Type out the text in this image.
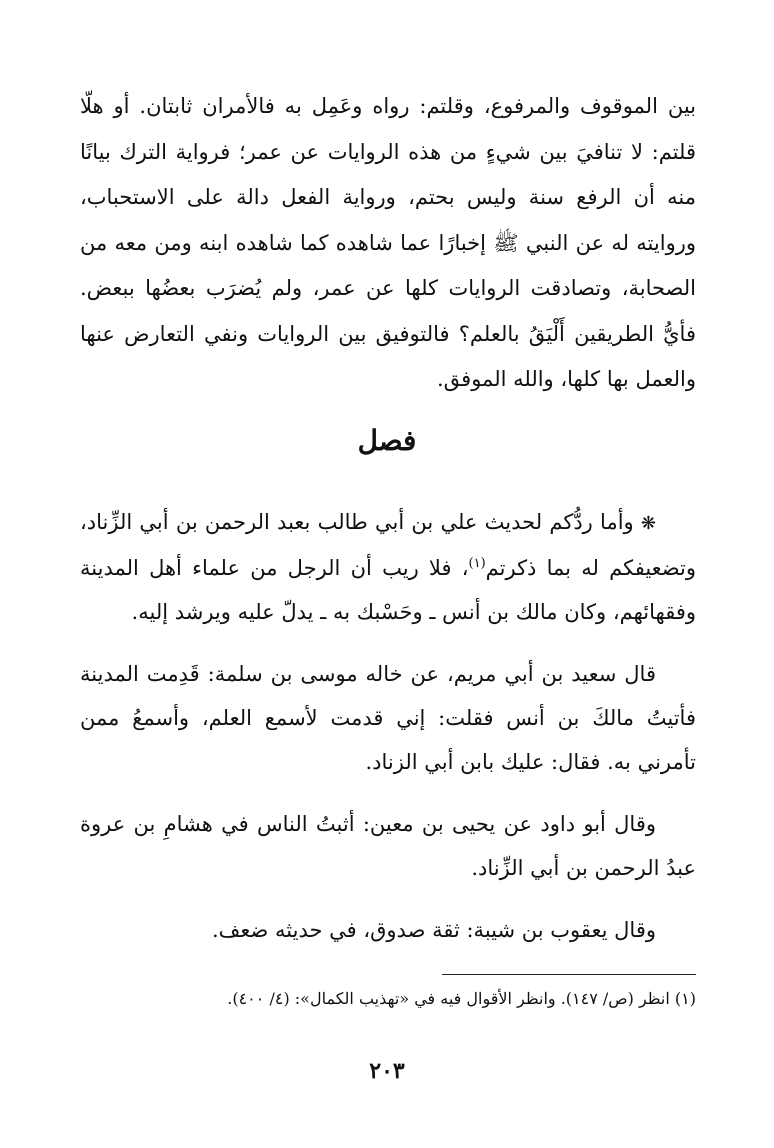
بين الموقوف والمرفوع، وقلتم: رواه وعَمِل به فالأمران ثابتان. أو هلّا قلتم: لا تنافيَ بين شيءٍ من هذه الروايات عن عمر؛ فرواية الترك بيانًا منه أن الرفع سنة وليس بحتم، ورواية الفعل دالة على الاستحباب، وروايته له عن النبي ﷺ إخبارًا عما شاهده كما شاهده ابنه ومن معه من الصحابة، وتصادقت الروايات كلها عن عمر، ولم يُضرَب بعضُها ببعض. فأيُّ الطريقين أَلْيَقُ بالعلم؟ فالتوفيق بين الروايات ونفي التعارض عنها والعمل بها كلها، والله الموفق.

فصل

❋ وأما ردُّكم لحديث علي بن أبي طالب بعبد الرحمن بن أبي الزِّناد، وتضعيفكم له بما ذكرتم$^{(١)}$، فلا ريب أن الرجل من علماء أهل المدينة وفقهائهم، وكان مالك بن أنس ـ وحَسْبك به ـ يدلّ عليه ويرشد إليه.

قال سعيد بن أبي مريم، عن خاله موسى بن سلمة: قَدِمت المدينة فأتيتُ مالكَ بن أنس فقلت: إني قدمت لأسمع العلم، وأسمعُ ممن تأمرني به. فقال: عليك بابن أبي الزناد.

وقال أبو داود عن يحيى بن معين: أثبتُ الناس في هشامِ بن عروة عبدُ الرحمن بن أبي الزِّناد.

وقال يعقوب بن شيبة: ثقة صدوق، في حديثه ضعف.

(١) انظر (ص/ ١٤٧). وانظر الأقوال فيه في «تهذيب الكمال»: (٤/ ٤٠٠).
٢٠٣
